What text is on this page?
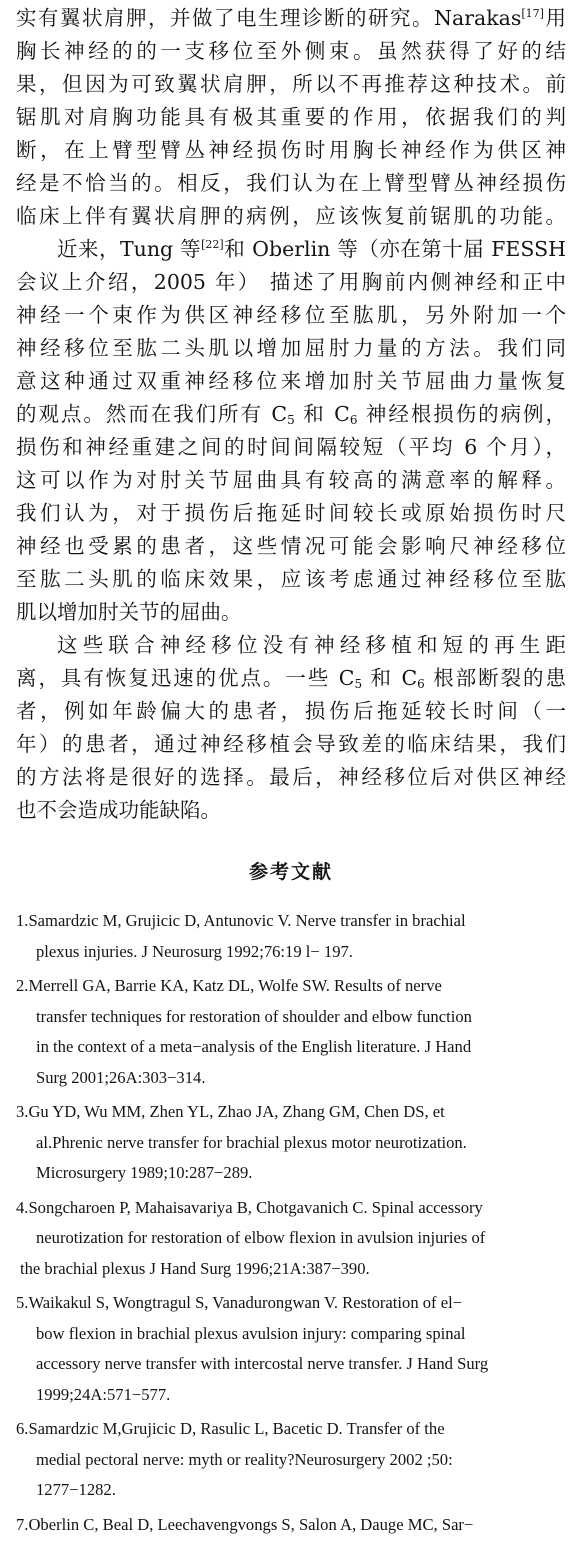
实有翼状肩胛，并做了电生理诊断的研究。Narakas[17]用
胸长神经的的一支移位至外侧束。虽然获得了好的结
果，但因为可致翼状肩胛，所以不再推荐这种技术。前
锯肌对肩胸功能具有极其重要的作用，依据我们的判
断，在上臂型臂丛神经损伤时用胸长神经作为供区神
经是不恰当的。相反，我们认为在上臂型臂丛神经损伤
临床上伴有翼状肩胛的病例，应该恢复前锯肌的功能。

近来，Tung 等[22]和 Oberlin 等（亦在第十届 FESSH
会议上介绍，2005 年） 描述了用胸前内侧神经和正中
神经一个束作为供区神经移位至肱肌，另外附加一个
神经移位至肱二头肌以增加屈肘力量的方法。我们同
意这种通过双重神经移位来增加肘关节屈曲力量恢复
的观点。然而在我们所有 $C_5$ 和 $C_6$ 神经根损伤的病例，
损伤和神经重建之间的时间间隔较短（平均 6 个月），
这可以作为对肘关节屈曲具有较高的满意率的解释。
我们认为，对于损伤后拖延时间较长或原始损伤时尺
神经也受累的患者，这些情况可能会影响尺神经移位
至肱二头肌的临床效果，应该考虑通过神经移位至肱
肌以增加肘关节的屈曲。

这些联合神经移位没有神经移植和短的再生距
离，具有恢复迅速的优点。一些 $C_5$ 和 $C_6$ 根部断裂的患
者，例如年龄偏大的患者，损伤后拖延较长时间（一
年）的患者，通过神经移植会导致差的临床结果，我们
的方法将是很好的选择。最后，神经移位后对供区神经
也不会造成功能缺陷。

参考文献
1.Samardzic M, Grujicic D, Antunovic V. Nerve transfer in brachial
plexus injuries. J Neurosurg 1992;76:19 l− 197.
2.Merrell GA, Barrie KA, Katz DL, Wolfe SW. Results of nerve
transfer techniques for restoration of shoulder and elbow function
in the context of a meta−analysis of the English literature. J Hand
Surg 2001;26A:303−314.
3.Gu YD, Wu MM, Zhen YL, Zhao JA, Zhang GM, Chen DS, et
al.Phrenic nerve transfer for brachial plexus motor neurotization.
Microsurgery 1989;10:287−289.
4.Songcharoen P, Mahaisavariya B, Chotgavanich C. Spinal accessory
neurotization for restoration of elbow flexion in avulsion injuries of
the brachial plexus J Hand Surg 1996;21A:387−390.
5.Waikakul S, Wongtragul S, Vanadurongwan V. Restoration of el−
bow flexion in brachial plexus avulsion injury: comparing spinal
accessory nerve transfer with intercostal nerve transfer. J Hand Surg
1999;24A:571−577.
6.Samardzic M,Grujicic D, Rasulic L, Bacetic D. Transfer of the
medial pectoral nerve: myth or reality?Neurosurgery 2002 ;50:
1277−1282.
7.Oberlin C, Beal D, Leechavengvongs S, Salon A, Dauge MC, Sar−
